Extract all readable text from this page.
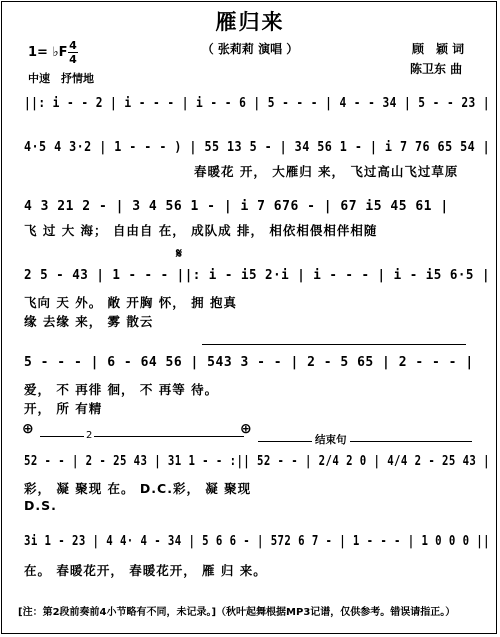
雁归来
（ 张莉莉 演唱 ）	顾　颖 词
陈卫东 曲
1= ♭F 4
4
中速　抒情地
||: i - - 2 | i - - - | i - - 6 | 5 - - - | 4 - - 34 | 5 - - 23 |
4·5 4 3·2 | 1 - - - ) | 55 13 5 - | 34 56 1 - | i 7 76 65 54 |
春暖花 开， 大雁归 来， 飞过高山飞过草原
4 3 21 2 - | 3 4 56 1 - | i 7 676 - | 67 i5 45 61 |
飞 过 大 海； 自由自 在， 成队成 排， 相依相偎相伴相随
𝄋
2 5 - 43 | 1 - - - ||: i - i5 2·i | i - - - | i - i5 6·5 |
飞向 天 外。 敞 开胸 怀， 拥 抱真
缘 去缘 来， 雾 散云
5 - - - | 6 - 64 56 | 543 3 - - | 2 - 5 65 | 2 - - - |
爱， 不 再徘 徊， 不 再等 待。
开， 所 有精
⊕	2	⊕
结束句
52 - - | 2 - 25 43 | 31 1 - - :|| 52 - - | 2/4 2 0 | 4/4 2 - 25 43 |
彩， 凝 聚现 在。 D.C.彩， 凝 聚现
D.S.
3i 1 - 23 | 4 4· 4 - 34 | 5 6 6 - | 572 6 7 - | 1 - - - | 1 0 0 0 ||
在。 春暖花开， 春暖花开， 雁 归 来。
[注：第2段前奏前4小节略有不同，未记录。]（秋叶起舞根据MP3记谱，仅供参考。错误请指正。）
